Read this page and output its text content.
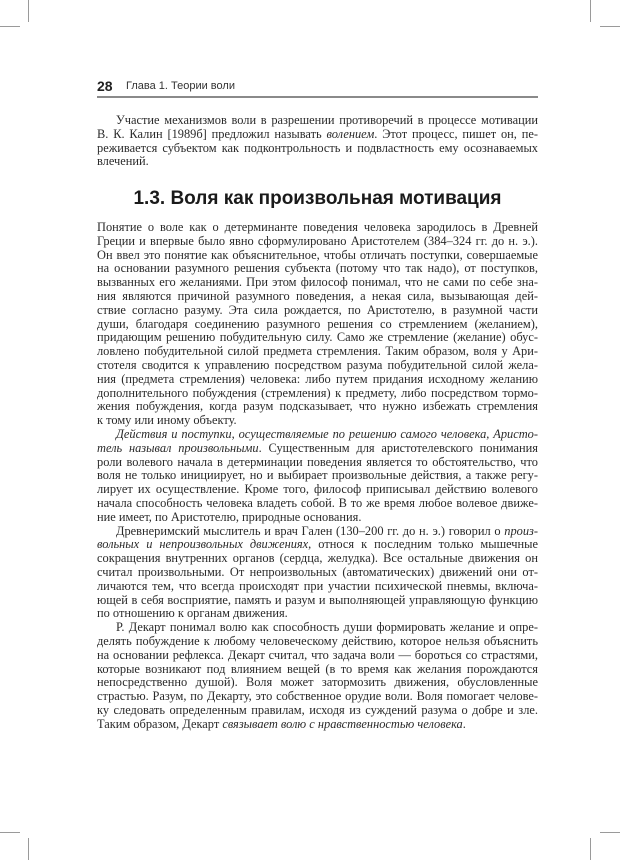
28 Глава 1. Теории воли
Участие механизмов воли в разрешении противоречий в процессе мотивации
В. К. Калин [1989б] предложил называть волением. Этот процесс, пишет он, пе-
реживается субъектом как подконтрольность и подвластность ему осознаваемых
влечений.
1.3. Воля как произвольная мотивация
Понятие о воле как о детерминанте поведения человека зародилось в Древней
Греции и впервые было явно сформулировано Аристотелем (384–324 гг. до н. э.).
Он ввел это понятие как объяснительное, чтобы отличать поступки, совершаемые
на основании разумного решения субъекта (потому что так надо), от поступков,
вызванных его желаниями. При этом философ понимал, что не сами по себе зна-
ния являются причиной разумного поведения, а некая сила, вызывающая дей-
ствие согласно разуму. Эта сила рождается, по Аристотелю, в разумной части
души, благодаря соединению разумного решения со стремлением (желанием),
придающим решению побудительную силу. Само же стремление (желание) обус-
ловлено побудительной силой предмета стремления. Таким образом, воля у Ари-
стотеля сводится к управлению посредством разума побудительной силой жела-
ния (предмета стремления) человека: либо путем придания исходному желанию
дополнительного побуждения (стремления) к предмету, либо посредством тормо-
жения побуждения, когда разум подсказывает, что нужно избежать стремления
к тому или иному объекту.
Действия и поступки, осуществляемые по решению самого человека, Аристо-
тель называл произвольными. Существенным для аристотелевского понимания
роли волевого начала в детерминации поведения является то обстоятельство, что
воля не только инициирует, но и выбирает произвольные действия, а также регу-
лирует их осуществление. Кроме того, философ приписывал действию волевого
начала способность человека владеть собой. В то же время любое волевое движе-
ние имеет, по Аристотелю, природные основания.
Древнеримский мыслитель и врач Гален (130–200 гг. до н. э.) говорил о произ-
вольных и непроизвольных движениях, относя к последним только мышечные
сокращения внутренних органов (сердца, желудка). Все остальные движения он
считал произвольными. От непроизвольных (автоматических) движений они от-
личаются тем, что всегда происходят при участии психической пневмы, включа-
ющей в себя восприятие, память и разум и выполняющей управляющую функцию
по отношению к органам движения.
Р. Декарт понимал волю как способность души формировать желание и опре-
делять побуждение к любому человеческому действию, которое нельзя объяснить
на основании рефлекса. Декарт считал, что задача воли — бороться со страстями,
которые возникают под влиянием вещей (в то время как желания порождаются
непосредственно душой). Воля может затормозить движения, обусловленные
страстью. Разум, по Декарту, это собственное орудие воли. Воля помогает челове-
ку следовать определенным правилам, исходя из суждений разума о добре и зле.
Таким образом, Декарт связывает волю с нравственностью человека.
